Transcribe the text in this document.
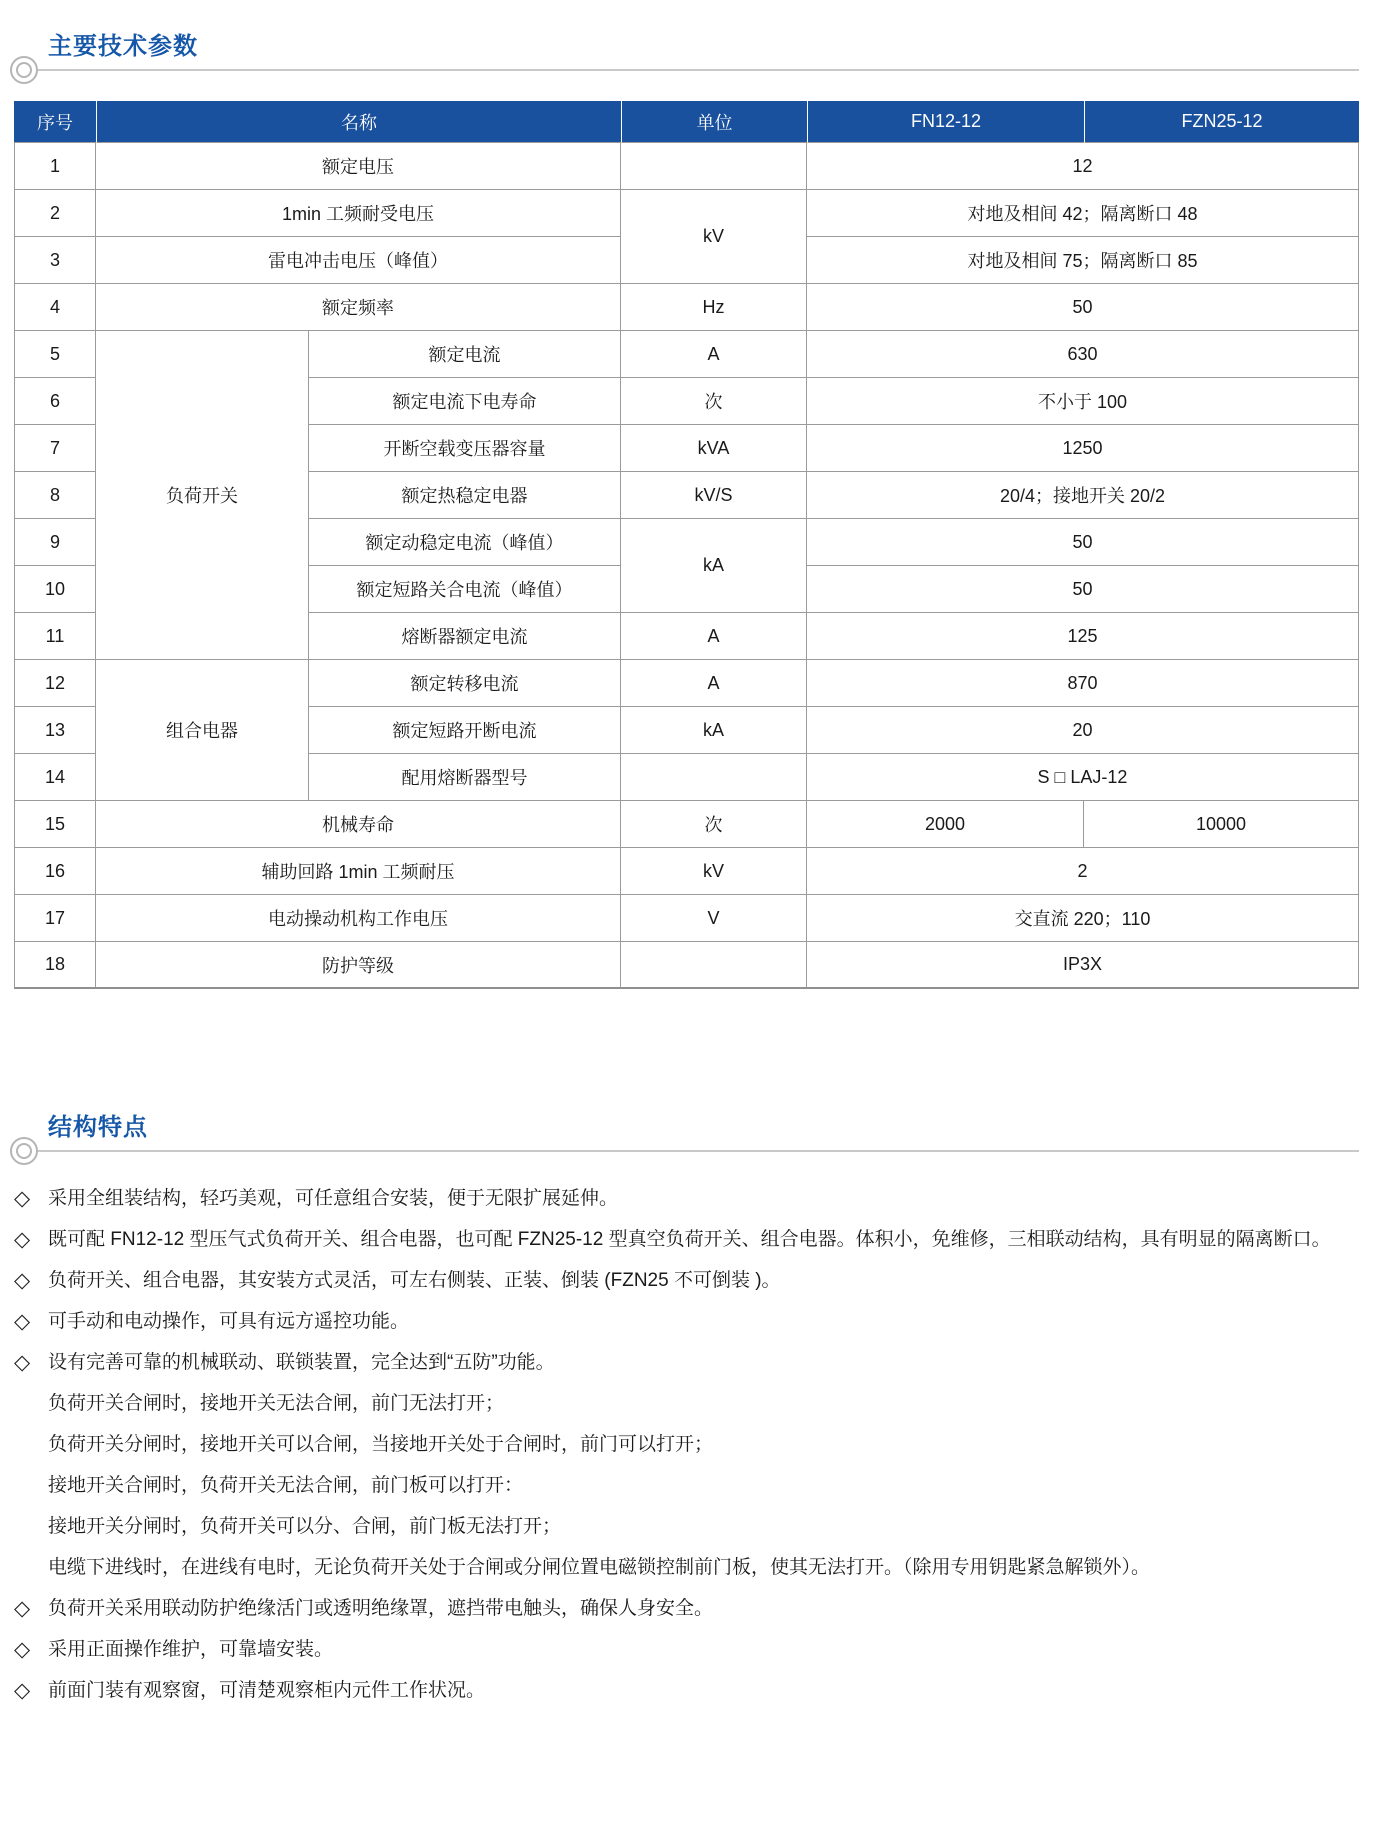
主要技术参数
序号	名称		单位	FN12-12	FZN25-12
1	额定电压			12	
2	1min 工频耐受电压		kV	对地及相间 42；隔离断口 48	
3	雷电冲击电压（峰值）			对地及相间 75；隔离断口 85	
4	额定频率		Hz	50	
5	负荷开关	额定电流	A	630	
6		额定电流下电寿命	次	不小于 100	
7		开断空载变压器容量	kVA	1250	
8		额定热稳定电器	kV/S	20/4；接地开关 20/2	
9		额定动稳定电流（峰值）	kA	50	
10		额定短路关合电流（峰值）		50	
11		熔断器额定电流	A	125	
12	组合电器	额定转移电流	A	870	
13		额定短路开断电流	kA	20	
14		配用熔断器型号		S □ LAJ-12	
15	机械寿命		次	2000	10000
16	辅助回路 1min 工频耐压		kV	2	
17	电动操动机构工作电压		V	交直流 220；110	
18	防护等级			IP3X	
结构特点
◇ 采用全组装结构，轻巧美观，可任意组合安装，便于无限扩展延伸。
◇ 既可配 FN12-12 型压气式负荷开关、组合电器，也可配 FZN25-12 型真空负荷开关、组合电器。体积小，免维修，三相联动结构，具有明显的隔离断口。
◇ 负荷开关、组合电器，其安装方式灵活，可左右侧装、正装、倒装 (FZN25 不可倒装 )。
◇ 可手动和电动操作，可具有远方遥控功能。
◇ 设有完善可靠的机械联动、联锁装置，完全达到“五防”功能。
负荷开关合闸时，接地开关无法合闸，前门无法打开；
负荷开关分闸时，接地开关可以合闸，当接地开关处于合闸时，前门可以打开；
接地开关合闸时，负荷开关无法合闸，前门板可以打开：
接地开关分闸时，负荷开关可以分、合闸，前门板无法打开；
电缆下进线时，在进线有电时，无论负荷开关处于合闸或分闸位置电磁锁控制前门板，使其无法打开。（除用专用钥匙紧急解锁外）。
◇ 负荷开关采用联动防护绝缘活门或透明绝缘罩，遮挡带电触头，确保人身安全。
◇ 采用正面操作维护，可靠墙安装。
◇ 前面门装有观察窗，可清楚观察柜内元件工作状况。
